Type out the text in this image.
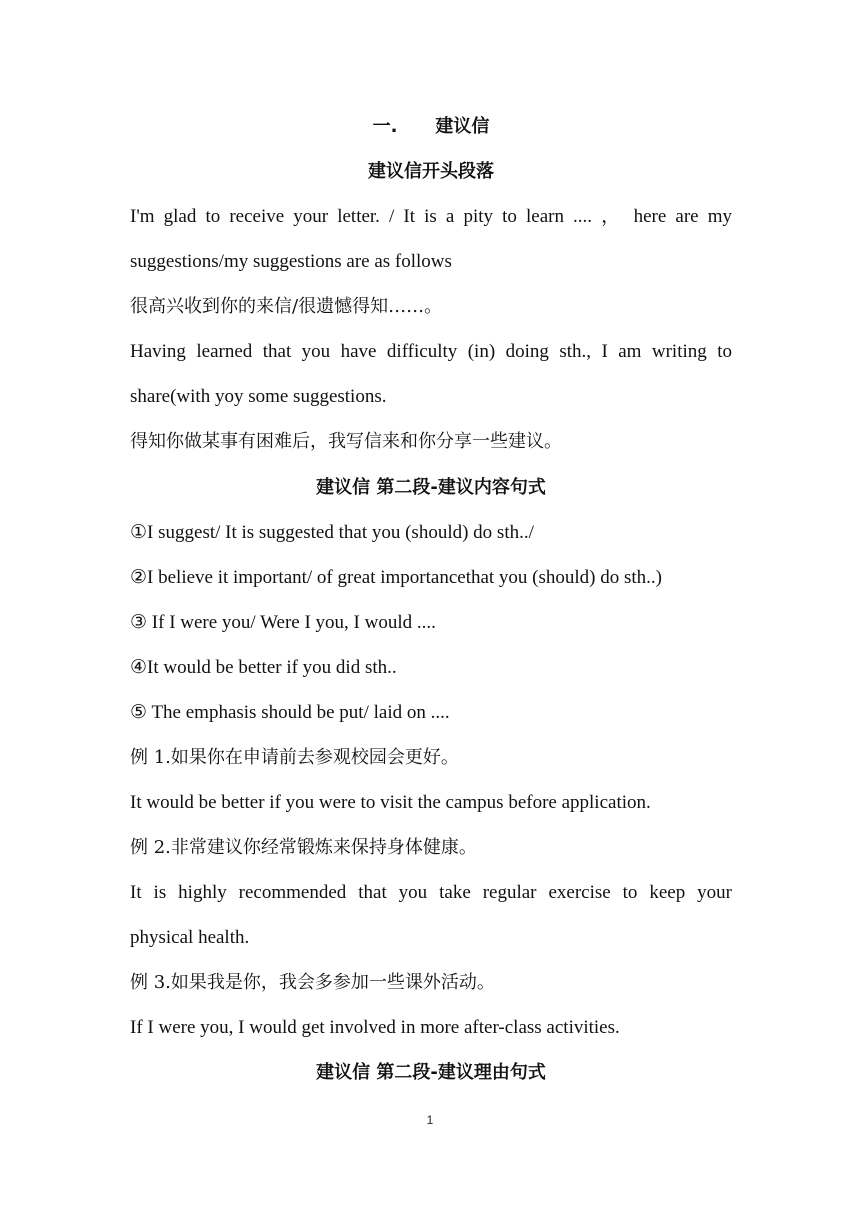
一. 建议信
建议信开头段落
I'm glad to receive your letter. / It is a pity to learn .... ， here are my
suggestions/my suggestions are as follows
很高兴收到你的来信/很遗憾得知……。
Having learned that you have difficulty (in) doing sth., I am writing to
share(with yoy some suggestions.
得知你做某事有困难后，我写信来和你分享一些建议。
建议信 第二段-建议内容句式
①I suggest/ It is suggested that you (should) do sth../
②I believe it important/ of great importancethat you (should) do sth..)
③ If I were you/ Were I you, I would ....
④It would be better if you did sth..
⑤ The emphasis should be put/ laid on ....
例 1.如果你在申请前去参观校园会更好。
It would be better if you were to visit the campus before application.
例 2.非常建议你经常锻炼来保持身体健康。
It is highly recommended that you take regular exercise to keep your
physical health.
例 3.如果我是你，我会多参加一些课外活动。
If I were you, I would get involved in more after-class activities.
建议信 第二段-建议理由句式
1
